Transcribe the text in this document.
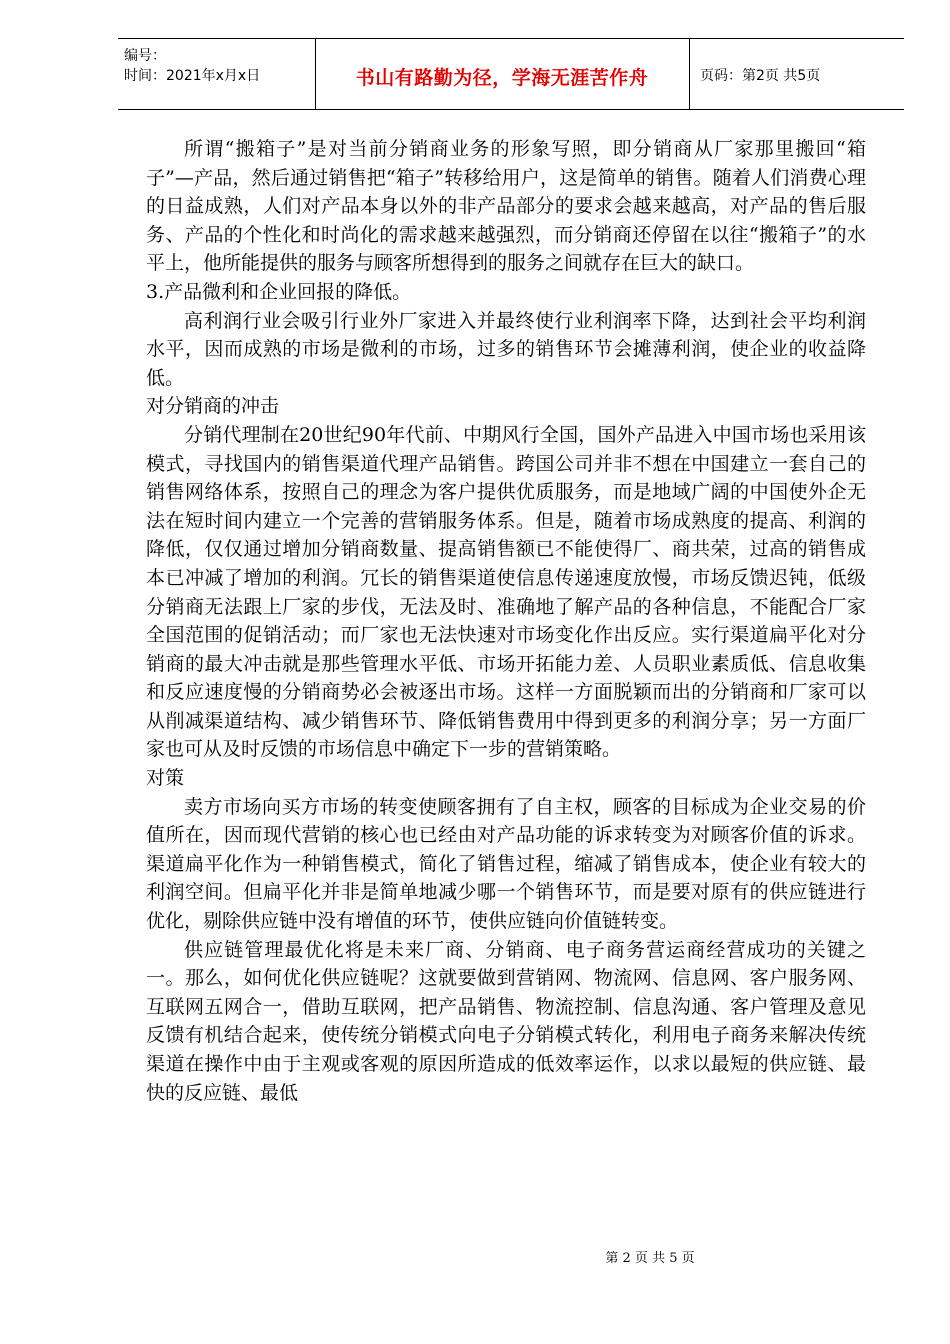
编号：
时间：2021年x月x日	书山有路勤为径，学海无涯苦作舟	页码：第2页 共5页

所谓“搬箱子”是对当前分销商业务的形象写照，即分销商从厂家那里搬回“箱子”—产品，然后通过销售把“箱子”转移给用户，这是简单的销售。随着人们消费心理的日益成熟，人们对产品本身以外的非产品部分的要求会越来越高，对产品的售后服务、产品的个性化和时尚化的需求越来越强烈，而分销商还停留在以往“搬箱子”的水平上，他所能提供的服务与顾客所想得到的服务之间就存在巨大的缺口。

3.产品微利和企业回报的降低。

高利润行业会吸引行业外厂家进入并最终使行业利润率下降，达到社会平均利润水平，因而成熟的市场是微利的市场，过多的销售环节会摊薄利润，使企业的收益降低。

对分销商的冲击

分销代理制在20世纪90年代前、中期风行全国，国外产品进入中国市场也采用该模式，寻找国内的销售渠道代理产品销售。跨国公司并非不想在中国建立一套自己的销售网络体系，按照自己的理念为客户提供优质服务，而是地域广阔的中国使外企无法在短时间内建立一个完善的营销服务体系。但是，随着市场成熟度的提高、利润的降低，仅仅通过增加分销商数量、提高销售额已不能使得厂、商共荣，过高的销售成本已冲减了增加的利润。冗长的销售渠道使信息传递速度放慢，市场反馈迟钝，低级分销商无法跟上厂家的步伐，无法及时、准确地了解产品的各种信息，不能配合厂家全国范围的促销活动；而厂家也无法快速对市场变化作出反应。实行渠道扁平化对分销商的最大冲击就是那些管理水平低、市场开拓能力差、人员职业素质低、信息收集和反应速度慢的分销商势必会被逐出市场。这样一方面脱颖而出的分销商和厂家可以从削减渠道结构、减少销售环节、降低销售费用中得到更多的利润分享；另一方面厂家也可从及时反馈的市场信息中确定下一步的营销策略。

对策

卖方市场向买方市场的转变使顾客拥有了自主权，顾客的目标成为企业交易的价值所在，因而现代营销的核心也已经由对产品功能的诉求转变为对顾客价值的诉求。渠道扁平化作为一种销售模式，简化了销售过程，缩减了销售成本，使企业有较大的利润空间。但扁平化并非是简单地减少哪一个销售环节，而是要对原有的供应链进行优化，剔除供应链中没有增值的环节，使供应链向价值链转变。

供应链管理最优化将是未来厂商、分销商、电子商务营运商经营成功的关键之一。那么，如何优化供应链呢？这就要做到营销网、物流网、信息网、客户服务网、互联网五网合一，借助互联网，把产品销售、物流控制、信息沟通、客户管理及意见反馈有机结合起来，使传统分销模式向电子分销模式转化，利用电子商务来解决传统渠道在操作中由于主观或客观的原因所造成的低效率运作，以求以最短的供应链、最快的反应链、最低

第 2 页 共 5 页
